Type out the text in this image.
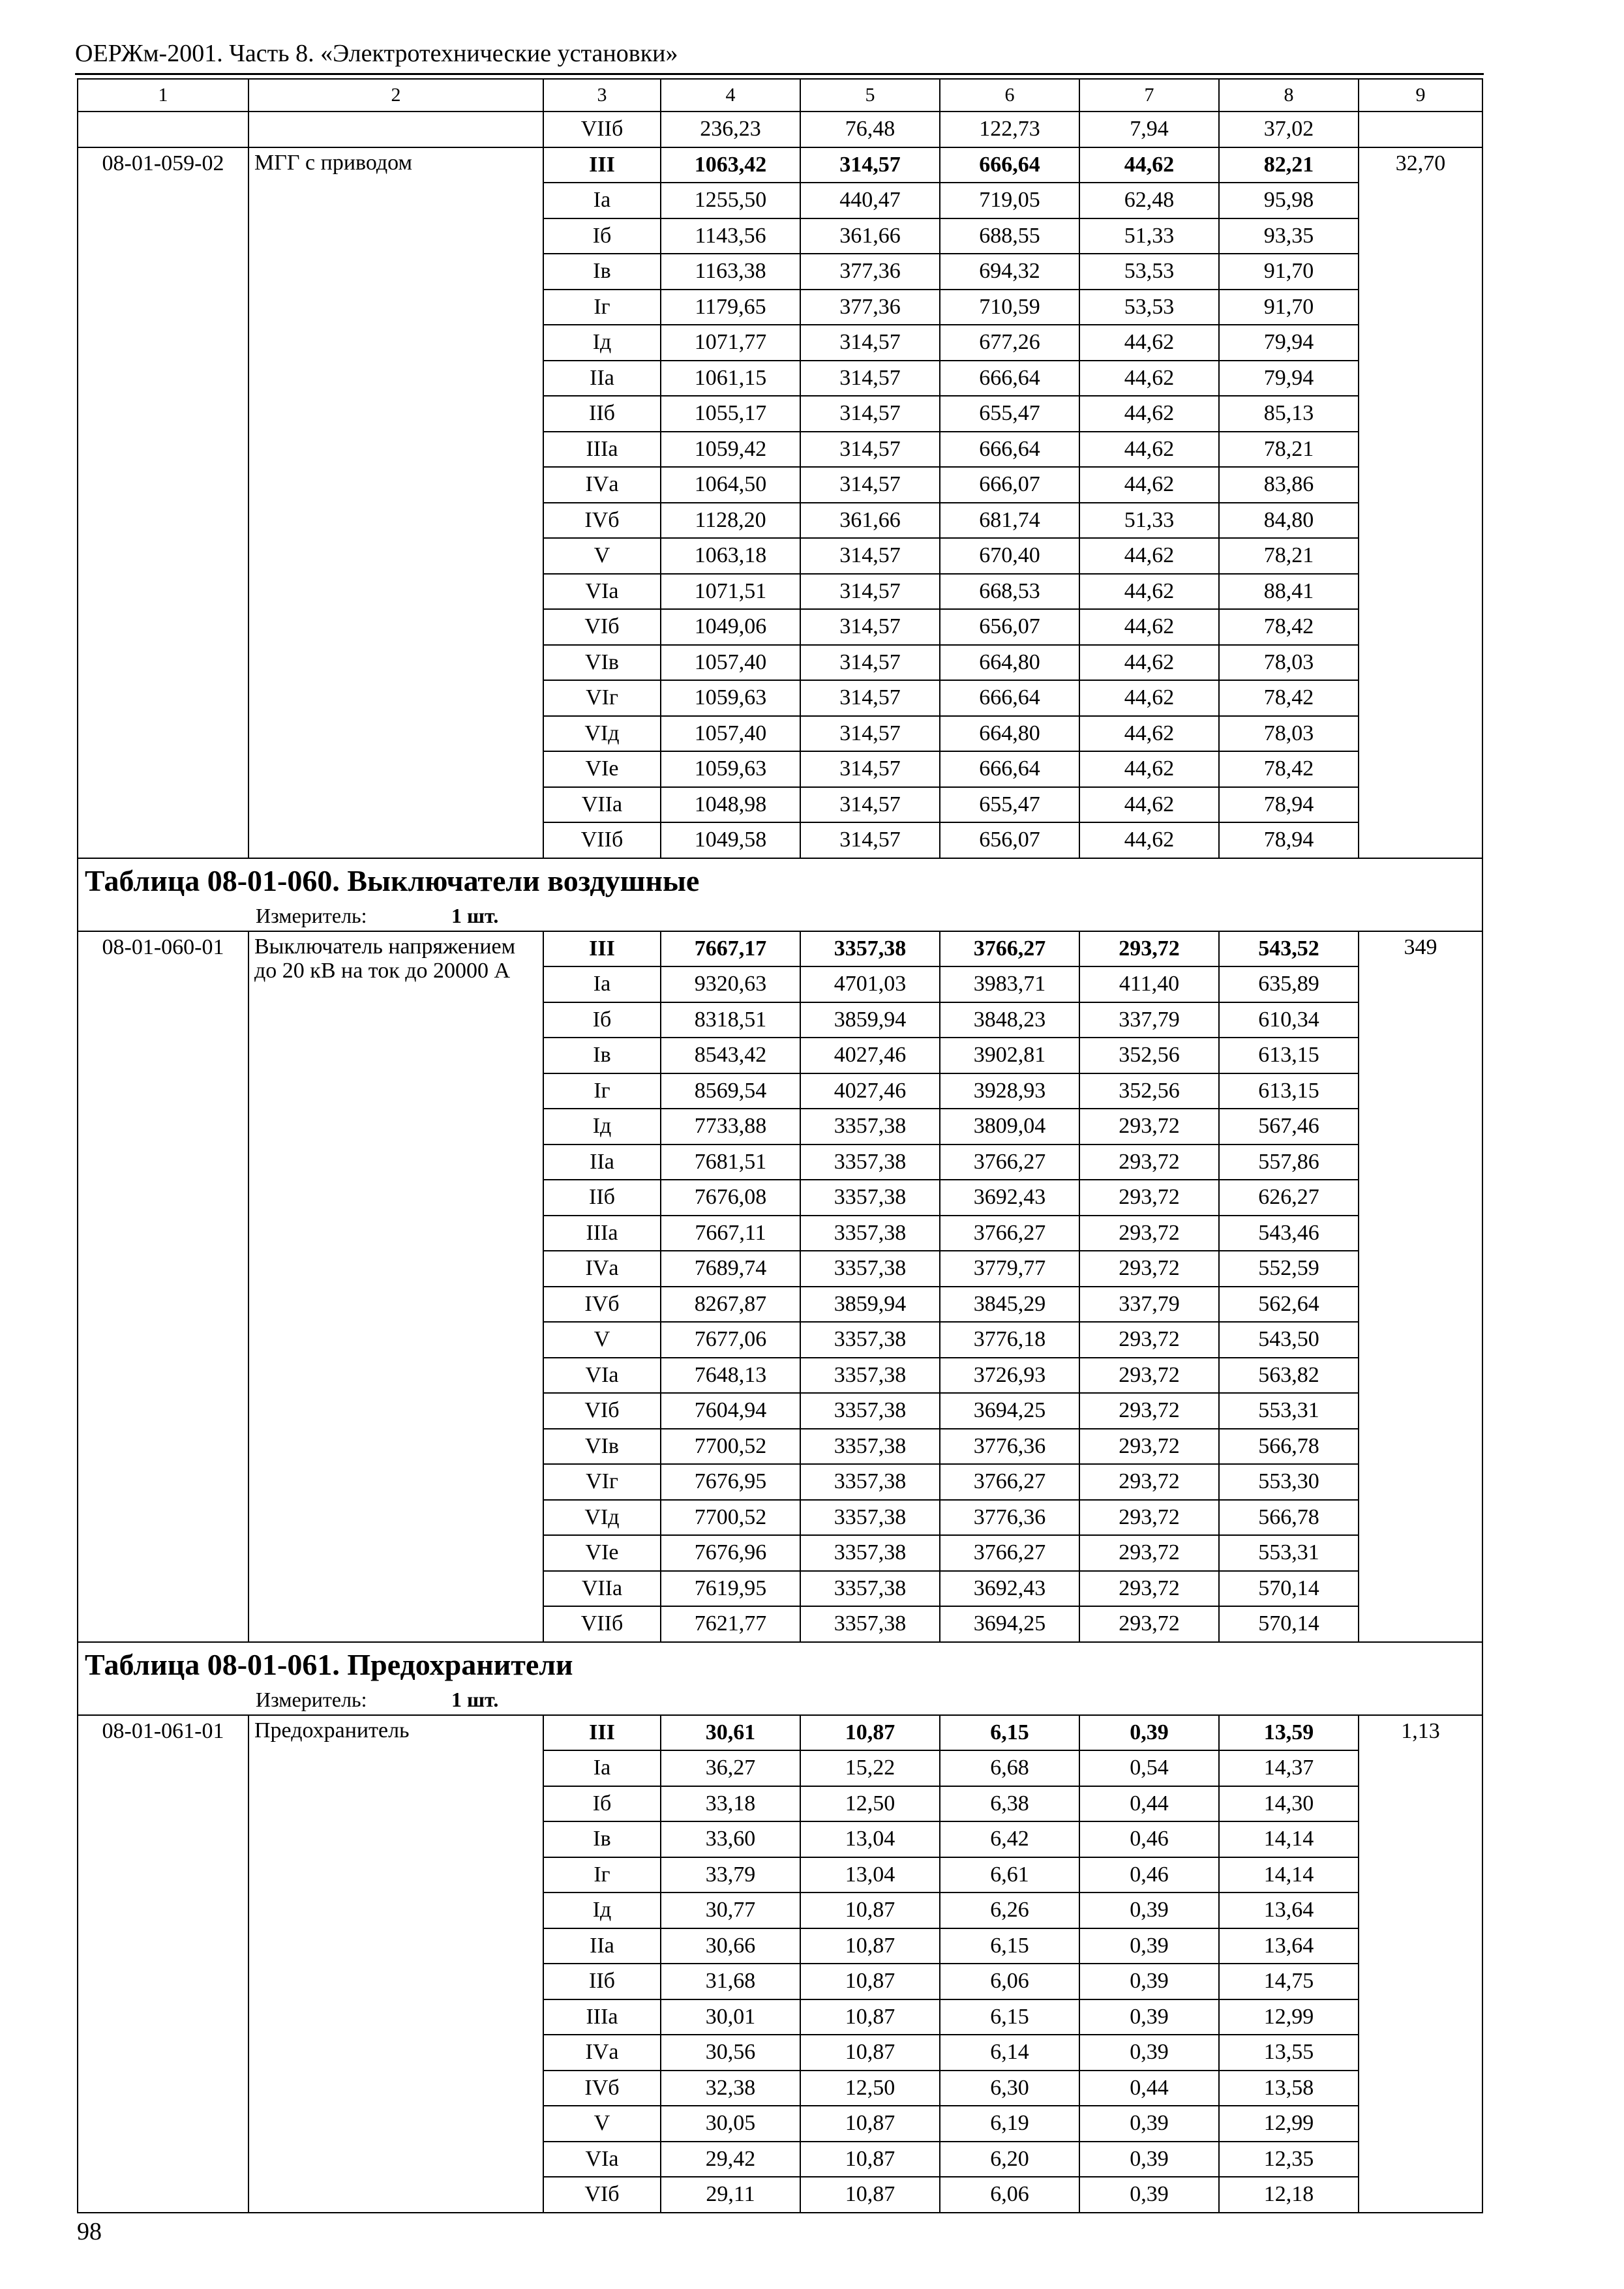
ОЕРЖм-2001. Часть 8. «Электротехнические установки»
1	2	3	4	5	6	7	8	9
		VIIб	236,23	76,48	122,73	7,94	37,02	
08-01-059-02	МГГ с приводом	III	1063,42	314,57	666,64	44,62	82,21	32,70
		Iа	1255,50	440,47	719,05	62,48	95,98	
		Iб	1143,56	361,66	688,55	51,33	93,35	
		Iв	1163,38	377,36	694,32	53,53	91,70	
		Iг	1179,65	377,36	710,59	53,53	91,70	
		Iд	1071,77	314,57	677,26	44,62	79,94	
		IIа	1061,15	314,57	666,64	44,62	79,94	
		IIб	1055,17	314,57	655,47	44,62	85,13	
		IIIа	1059,42	314,57	666,64	44,62	78,21	
		IVа	1064,50	314,57	666,07	44,62	83,86	
		IVб	1128,20	361,66	681,74	51,33	84,80	
		V	1063,18	314,57	670,40	44,62	78,21	
		VIа	1071,51	314,57	668,53	44,62	88,41	
		VIб	1049,06	314,57	656,07	44,62	78,42	
		VIв	1057,40	314,57	664,80	44,62	78,03	
		VIг	1059,63	314,57	666,64	44,62	78,42	
		VIд	1057,40	314,57	664,80	44,62	78,03	
		VIе	1059,63	314,57	666,64	44,62	78,42	
		VIIа	1048,98	314,57	655,47	44,62	78,94	
		VIIб	1049,58	314,57	656,07	44,62	78,94	
Таблица 08-01-060. Выключатели воздушные								
Измеритель: 1 шт.								
08-01-060-01	Выключатель напряжением до 20 кВ на ток до 20000 А	III	7667,17	3357,38	3766,27	293,72	543,52	349
		Iа	9320,63	4701,03	3983,71	411,40	635,89	
		Iб	8318,51	3859,94	3848,23	337,79	610,34	
		Iв	8543,42	4027,46	3902,81	352,56	613,15	
		Iг	8569,54	4027,46	3928,93	352,56	613,15	
		Iд	7733,88	3357,38	3809,04	293,72	567,46	
		IIа	7681,51	3357,38	3766,27	293,72	557,86	
		IIб	7676,08	3357,38	3692,43	293,72	626,27	
		IIIа	7667,11	3357,38	3766,27	293,72	543,46	
		IVа	7689,74	3357,38	3779,77	293,72	552,59	
		IVб	8267,87	3859,94	3845,29	337,79	562,64	
		V	7677,06	3357,38	3776,18	293,72	543,50	
		VIа	7648,13	3357,38	3726,93	293,72	563,82	
		VIб	7604,94	3357,38	3694,25	293,72	553,31	
		VIв	7700,52	3357,38	3776,36	293,72	566,78	
		VIг	7676,95	3357,38	3766,27	293,72	553,30	
		VIд	7700,52	3357,38	3776,36	293,72	566,78	
		VIе	7676,96	3357,38	3766,27	293,72	553,31	
		VIIа	7619,95	3357,38	3692,43	293,72	570,14	
		VIIб	7621,77	3357,38	3694,25	293,72	570,14	
Таблица 08-01-061. Предохранители								
Измеритель: 1 шт.								
08-01-061-01	Предохранитель	III	30,61	10,87	6,15	0,39	13,59	1,13
		Iа	36,27	15,22	6,68	0,54	14,37	
		Iб	33,18	12,50	6,38	0,44	14,30	
		Iв	33,60	13,04	6,42	0,46	14,14	
		Iг	33,79	13,04	6,61	0,46	14,14	
		Iд	30,77	10,87	6,26	0,39	13,64	
		IIа	30,66	10,87	6,15	0,39	13,64	
		IIб	31,68	10,87	6,06	0,39	14,75	
		IIIа	30,01	10,87	6,15	0,39	12,99	
		IVа	30,56	10,87	6,14	0,39	13,55	
		IVб	32,38	12,50	6,30	0,44	13,58	
		V	30,05	10,87	6,19	0,39	12,99	
		VIа	29,42	10,87	6,20	0,39	12,35	
		VIб	29,11	10,87	6,06	0,39	12,18	
98
